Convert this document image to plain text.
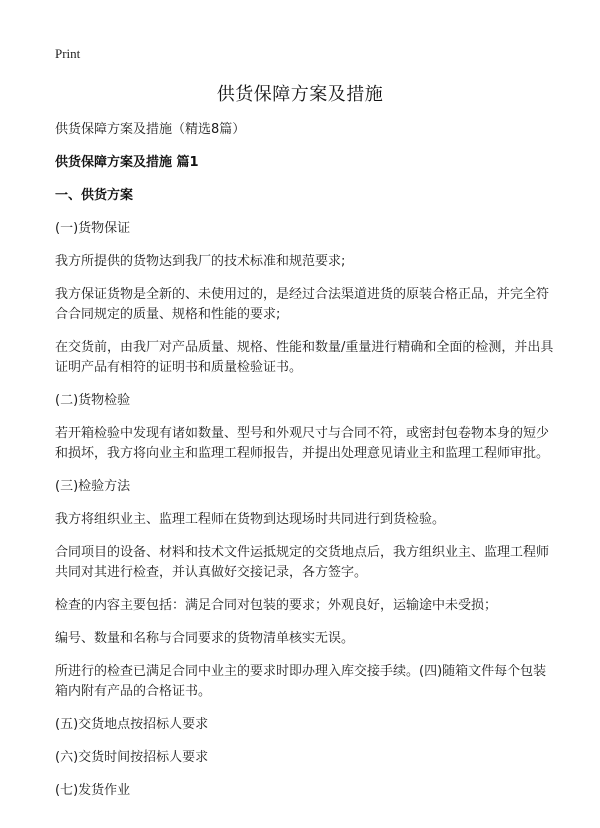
Print
供货保障方案及措施

供货保障方案及措施（精选8篇）

供货保障方案及措施 篇1

一、供货方案

(一)货物保证

我方所提供的货物达到我厂的技术标准和规范要求;

我方保证货物是全新的、未使用过的，是经过合法渠道进货的原装合格正品，并完全符合合同规定的质量、规格和性能的要求;

在交货前，由我厂对产品质量、规格、性能和数量/重量进行精确和全面的检测，并出具证明产品有相符的证明书和质量检验证书。

(二)货物检验

若开箱检验中发现有诸如数量、型号和外观尺寸与合同不符，或密封包卷物本身的短少和损坏，我方将向业主和监理工程师报告，并提出处理意见请业主和监理工程师审批。

(三)检验方法

我方将组织业主、监理工程师在货物到达现场时共同进行到货检验。

合同项目的设备、材料和技术文件运抵规定的交货地点后，我方组织业主、监理工程师共同对其进行检查，并认真做好交接记录，各方签字。

检查的内容主要包括：满足合同对包装的要求；外观良好，运输途中未受损；

编号、数量和名称与合同要求的货物清单核实无误。

所进行的检查已满足合同中业主的要求时即办理入库交接手续。(四)随箱文件每个包装箱内附有产品的合格证书。

(五)交货地点按招标人要求

(六)交货时间按招标人要求

(七)发货作业
